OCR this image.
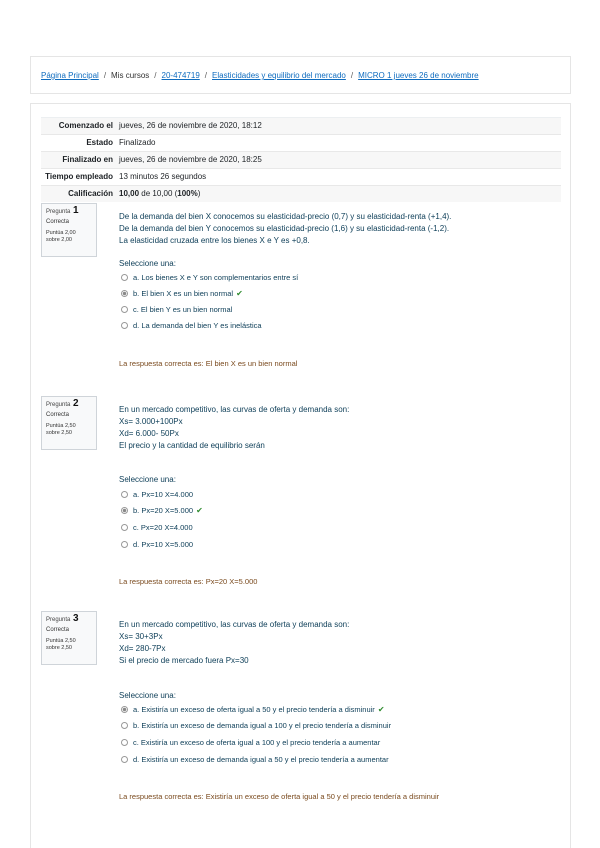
Página Principal / Mis cursos / 20-474719 / Elasticidades y equilibrio del mercado / MICRO 1 jueves 26 de noviembre
Comenzado el	jueves, 26 de noviembre de 2020, 18:12
Estado	Finalizado
Finalizado en	jueves, 26 de noviembre de 2020, 18:25
Tiempo empleado	13 minutos 26 segundos
Calificación	10,00 de 10,00 (100%)
Pregunta 1
Correcta
Puntúa 2,00
sobre 2,00
De la demanda del bien X conocemos su elasticidad-precio (0,7) y su elasticidad-renta (+1,4).
De la demanda del bien Y conocemos su elasticidad-precio (1,6) y su elasticidad-renta (-1,2).
La elasticidad cruzada entre los bienes X e Y es +0,8.
Seleccione una:
a. Los bienes X e Y son complementarios entre sí
b. El bien X es un bien normal ✔
c. El bien Y es un bien normal
d. La demanda del bien Y es inelástica
La respuesta correcta es: El bien X es un bien normal
Pregunta 2
Correcta
Puntúa 2,50
sobre 2,50
En un mercado competitivo, las curvas de oferta y demanda son:
Xs= 3.000+100Px
Xd= 6.000- 50Px
El precio y la cantidad de equilibrio serán
Seleccione una:
a. Px=10 X=4.000
b. Px=20 X=5.000 ✔
c. Px=20 X=4.000
d. Px=10 X=5.000
La respuesta correcta es: Px=20 X=5.000
Pregunta 3
Correcta
Puntúa 2,50
sobre 2,50
En un mercado competitivo, las curvas de oferta y demanda son:
Xs= 30+3Px
Xd= 280-7Px
Si el precio de mercado fuera Px=30
Seleccione una:
a. Existiría un exceso de oferta igual a 50 y el precio tendería a disminuir ✔
b. Existiría un exceso de demanda igual a 100 y el precio tendería a disminuir
c. Existiría un exceso de oferta igual a 100 y el precio tendería a aumentar
d. Existiría un exceso de demanda igual a 50 y el precio tendería a aumentar
La respuesta correcta es: Existiría un exceso de oferta igual a 50 y el precio tendería a disminuir
